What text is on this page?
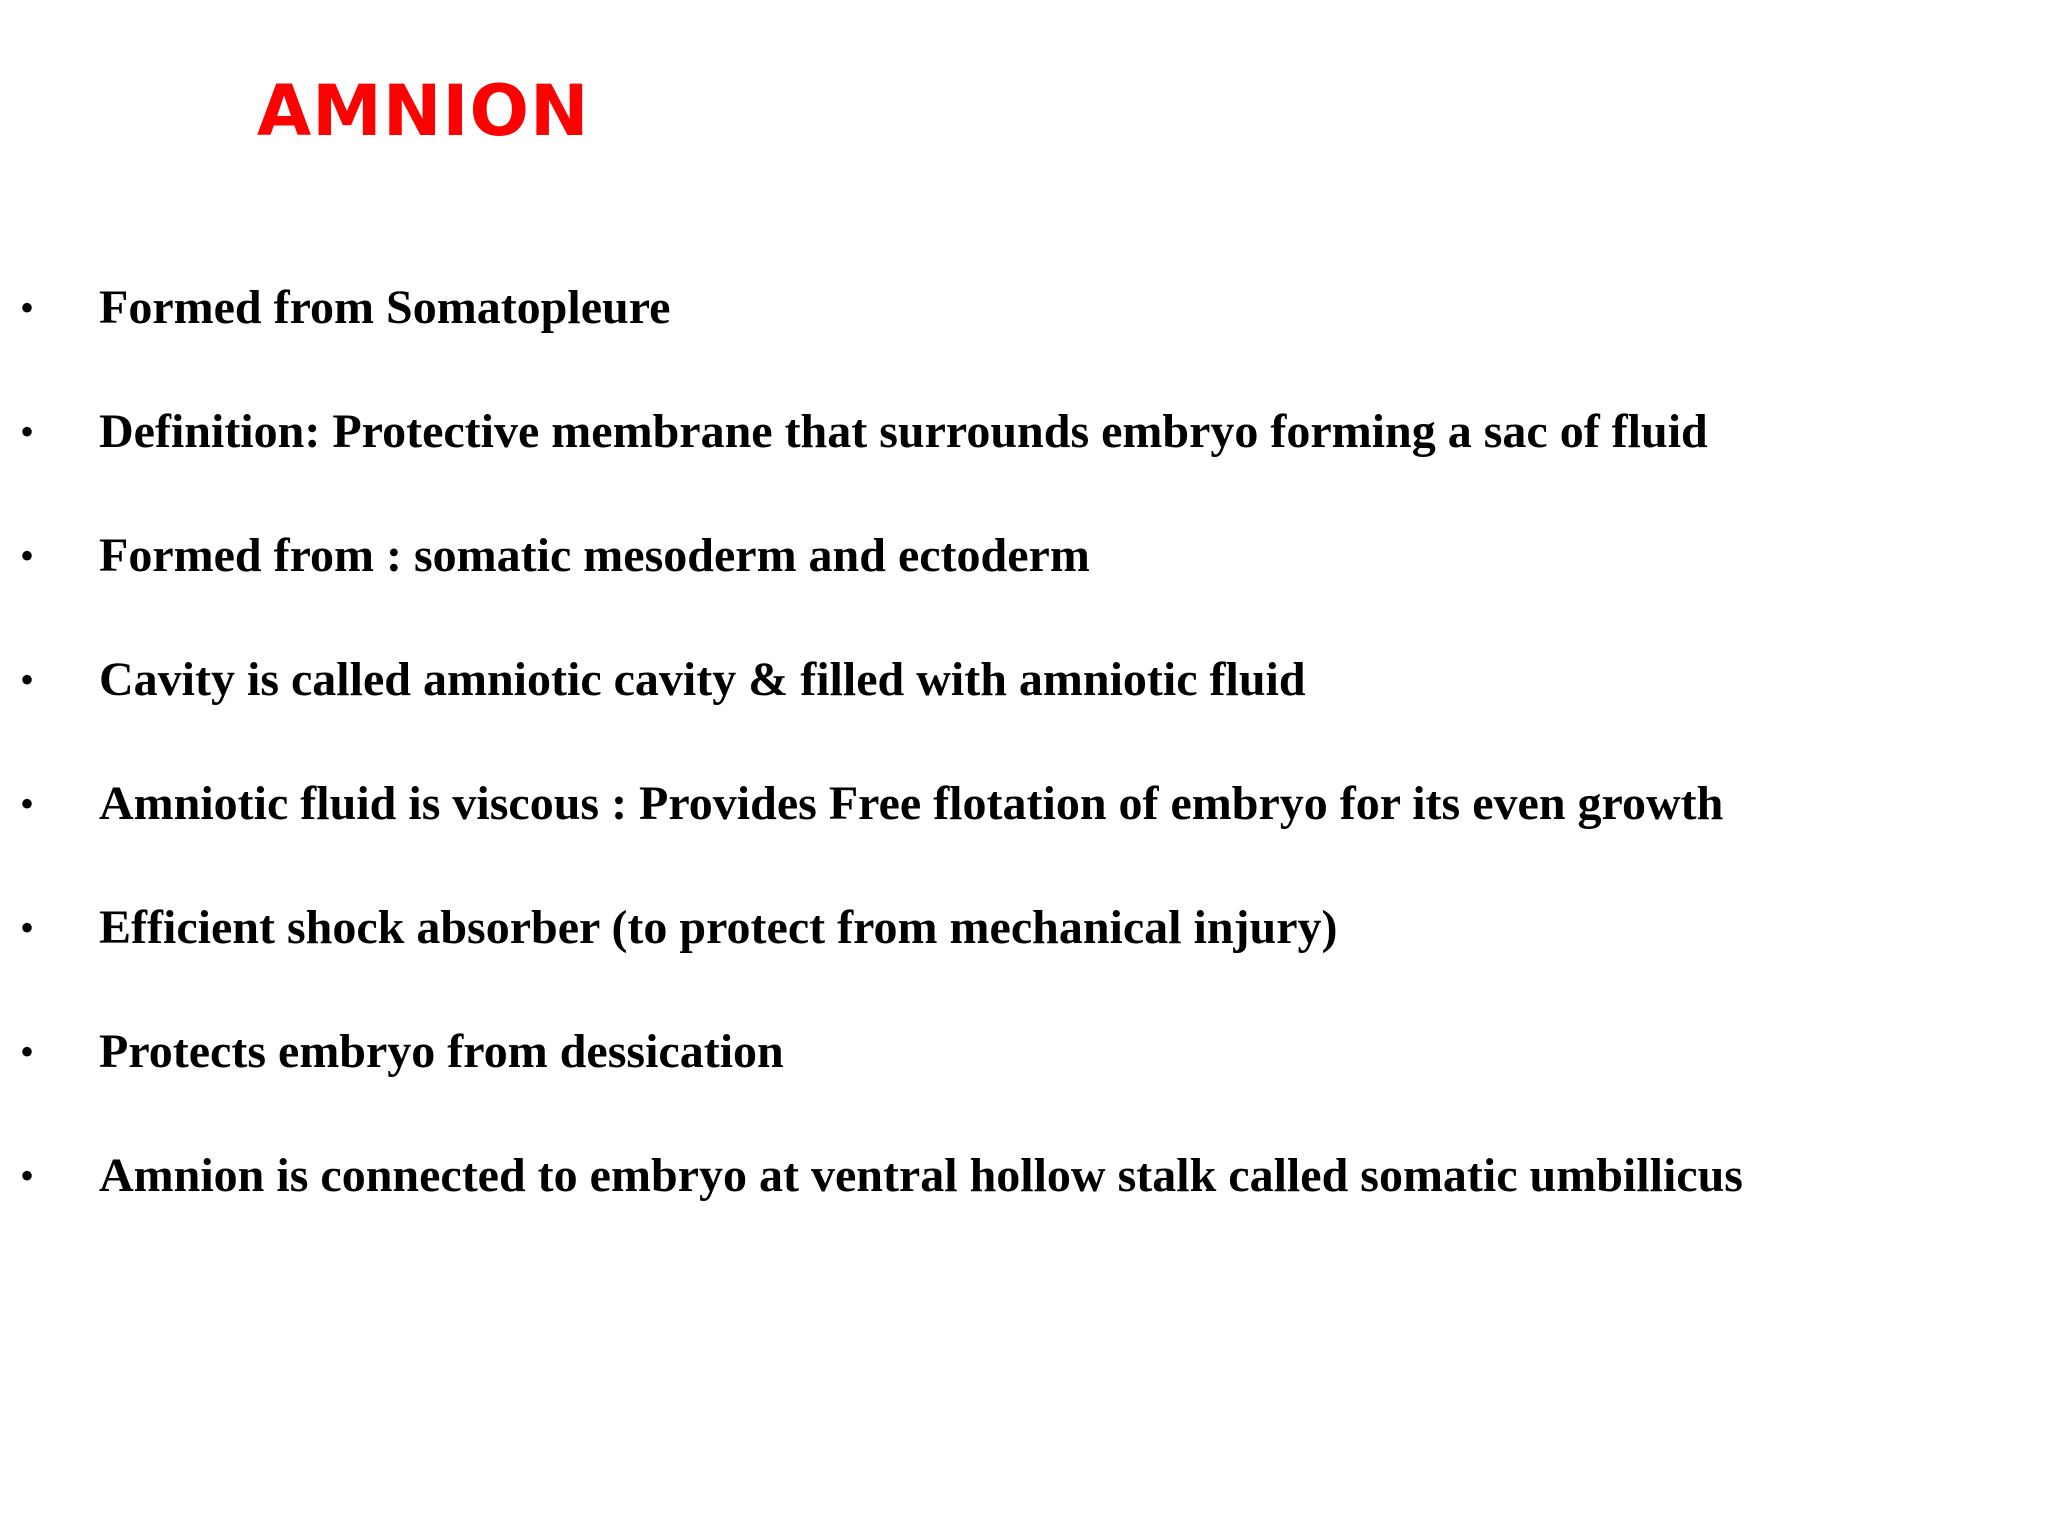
AMNION
• Formed from Somatopleure
• Definition: Protective membrane that surrounds embryo forming a sac of fluid
• Formed from : somatic mesoderm and ectoderm
• Cavity is called amniotic cavity & filled with amniotic fluid
• Amniotic fluid is viscous : Provides Free flotation of embryo for its even growth
• Efficient shock absorber (to protect from mechanical injury)
• Protects embryo from dessication
• Amnion is connected to embryo at ventral hollow stalk called somatic umbillicus
